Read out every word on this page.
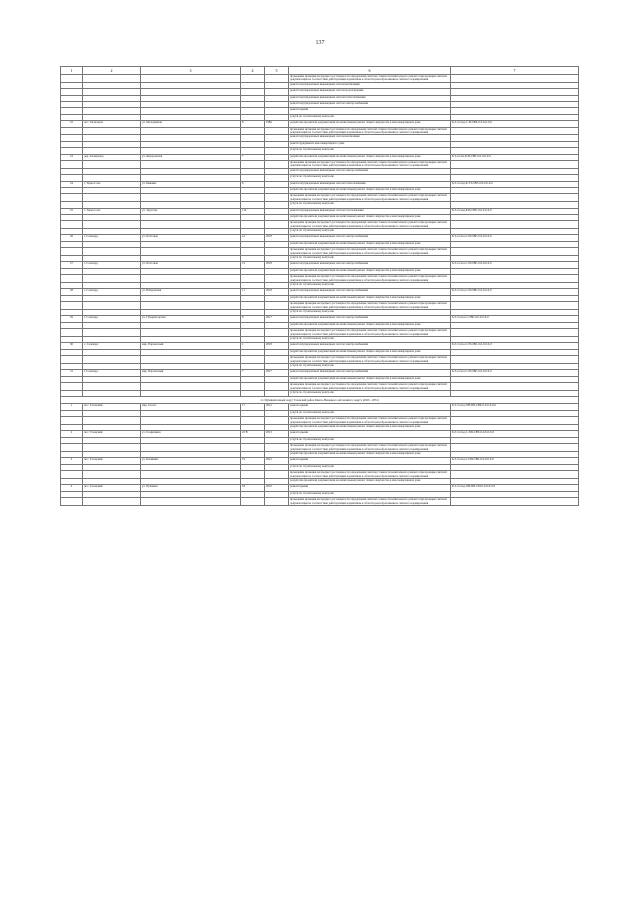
137
1	2	3	4	5	6	7
					проведение проверки на предмет достоверности определения сметной стоимости капитального ремонта при проверке сметной документации на соответствие действующим нормативам в области ценообразования и сметного нормирования	
					ремонт внутридомовых инженерных систем вентиляции	
					ремонт внутридомовых инженерных систем водоотведения	
					ремонт внутридомовых инженерных систем теплоснабжения	
					ремонт внутридомовых инженерных систем электроснабжения	
					ремонт крыши	
					услуги по строительному контролю	
22	пос. Халясавэй	ул. Молодёжная	8	1986	разработка проектной документации на капитальный ремонт общего имущества в многоквартирном доме	Б-3-3-Сюд-С-Н-СВЕ-0-0-0-0-0-0
					проведение проверки на предмет достоверности определения сметной стоимости капитального ремонта при проверке сметной документации на соответствие действующим нормативам в области ценообразования и сметного нормирования	
					ремонт внутридомовых инженерных систем вентиляции	
					ремонт фундамента многоквартирного дома	
					услуги по строительному контролю	
23	дер. Халмерпор	ул. Федоровская	7		разработка проектной документации на капитальный ремонт общего имущества в многоквартирном доме	Б-3-2-Сиз-Б-Н-СВЕ-0-0-0-0-0-0
					проведение проверки на предмет достоверности определения сметной стоимости капитального ремонта при проверке сметной документации на соответствие действующим нормативам в области ценообразования и сметного нормирования	
					ремонт внутридомовых инженерных систем электроснабжения	
					услуги по строительному контролю	
24	г. Тарко-Сале	ул. Бевкина	6		ремонт внутридомовых инженерных систем теплоснабжения	Б-3-3-Сюд-Б-ТЗ-СВЕ-0-0-0-0-0-0
					разработка проектной документации на капитальный ремонт общего имущества в многоквартирном доме	
					проведение проверки на предмет достоверности определения сметной стоимости капитального ремонта при проверке сметной документации на соответствие действующим нормативам в области ценообразования и сметного нормирования	
					услуги по строительному контролю	
25	г. Тарко-Сале	ул. Тарасова	11б		ремонт внутридомовых инженерных систем газоснабжения	Б-3-2-Сюд-Б-Н-СВЕ-0-0-0-0-0-0
					разработка проектной документации на капитальный ремонт общего имущества в многоквартирном доме	
					проведение проверки на предмет достоверности определения сметной стоимости капитального ремонта при проверке сметной документации на соответствие действующим нормативам в области ценообразования и сметного нормирования	
					услуги по строительному контролю	
26	г. Салехард	ул. Почтовая	21	2018	ремонт внутридомовых инженерных систем электроснабжения	Б-3-2-Сюз-С-Н-СВЕ-0-0-0-0-0-0
					разработка проектной документации на капитальный ремонт общего имущества в многоквартирном доме	
					проведение проверки на предмет достоверности определения сметной стоимости капитального ремонта при проверке сметной документации на соответствие действующим нормативам в области ценообразования и сметного нормирования	
					услуги по строительному контролю	
27	г. Салехард	ул. Почтовая	12	2018	ремонт внутридомовых инженерных систем электроснабжения	Б-3-2-Сюз-С-Н-СВЕ-0-0-0-0-0-0
					разработка проектной документации на капитальный ремонт общего имущества в многоквартирном доме	
					проведение проверки на предмет достоверности определения сметной стоимости капитального ремонта при проверке сметной документации на соответствие действующим нормативам в области ценообразования и сметного нормирования	
					услуги по строительному контролю	
28	г. Салехард	ул. Набережная	11	2018	ремонт внутридомовых инженерных систем электроснабжения	Б-3-2-Сюз-С-Н-СВЕ-0-0-0-0-0-0
					разработка проектной документации на капитальный ремонт общего имущества в многоквартирном доме	
					проведение проверки на предмет достоверности определения сметной стоимости капитального ремонта при проверке сметной документации на соответствие действующим нормативам в области ценообразования и сметного нормирования	
					услуги по строительному контролю	
29	г. Салехард	ул. Губернаторская	8	2017	ремонт внутридомовых инженерных систем электроснабжения	Б-3-3-Сюз-С-СВЕ-0-0-0-0-0-0
					разработка проектной документации на капитальный ремонт общего имущества в многоквартирном доме	
					проведение проверки на предмет достоверности определения сметной стоимости капитального ремонта при проверке сметной документации на соответствие действующим нормативам в области ценообразования и сметного нормирования	
					услуги по строительному контролю	
30	с. Салехард	мкр. Паровозный	1	2018	ремонт внутридомовых инженерных систем электроснабжения	Б-3-3-Сюз-С-Н-СВЕ-0-0-0-0-0-0
					разработка проектной документации на капитальный ремонт общего имущества в многоквартирном доме	
					проведение проверки на предмет достоверности определения сметной стоимости капитального ремонта при проверке сметной документации на соответствие действующим нормативам в области ценообразования и сметного нормирования	
					услуги по строительному контролю	
31	г. Салехард	мкр. Паровозный	7	2017	ремонт внутридомовых инженерных систем электроснабжения	Б-3-2-Сюз-С-Н-СВЕ-0-0-0-0-0-0
					разработка проектной документации на капитальный ремонт общего имущества в многоквартирном доме	
					проведение проверки на предмет достоверности определения сметной стоимости капитального ремонта при проверке сметной документации на соответствие действующим нормативам в области ценообразования и сметного нормирования	
					услуги по строительному контролю	
11. Муниципальный округ Тазовский район Ямало-Ненецкого автономного округа (2029 - 2031)						
1	пос. Тазовский	мкр. Геолог	17	2012	ремонт крыши	Б-3-3-Сюз-ОН-ПП-СВЕ-0-0-0-0-0-0
					услуги по строительному контролю	
					проведение проверки на предмет достоверности определения сметной стоимости капитального ремонта при проверке сметной документации на соответствие действующим нормативам в области ценообразования и сметного нормирования	
					разработка проектной документации на капитальный ремонт общего имущества в многоквартирном доме	
2	пос. Тазовский	ул. Геофизиков	22 В	2013	ремонт крыши	Б-3-3-Сюд-С-ПП-СВЕ-0-0-0-0-0-0
					услуги по строительному контролю	
					проведение проверки на предмет достоверности определения сметной стоимости капитального ремонта при проверке сметной документации на соответствие действующим нормативам в области ценообразования и сметного нормирования	
					разработка проектной документации на капитальный ремонт общего имущества в многоквартирном доме	
3	пос. Тазовский	ул. Калинина	19	2012	ремонт крыши	Б-3-3-Сюз-С-ПП-СВЕ-0-0-0-0-0-0
					услуги по строительному контролю	
					проведение проверки на предмет достоверности определения сметной стоимости капитального ремонта при проверке сметной документации на соответствие действующим нормативам в области ценообразования и сметного нормирования	
					разработка проектной документации на капитальный ремонт общего имущества в многоквартирном доме	
4	пос. Тазовский	ул. Пушкина	18	2010	ремонт крыши	Б-3-3-Сюд-ОН-ПП-СМ-0-0-0-0-0-0
					услуги по строительному контролю	
					проведение проверки на предмет достоверности определения сметной стоимости капитального ремонта при проверке сметной документации на соответствие действующим нормативам в области ценообразования и сметного нормирования	
